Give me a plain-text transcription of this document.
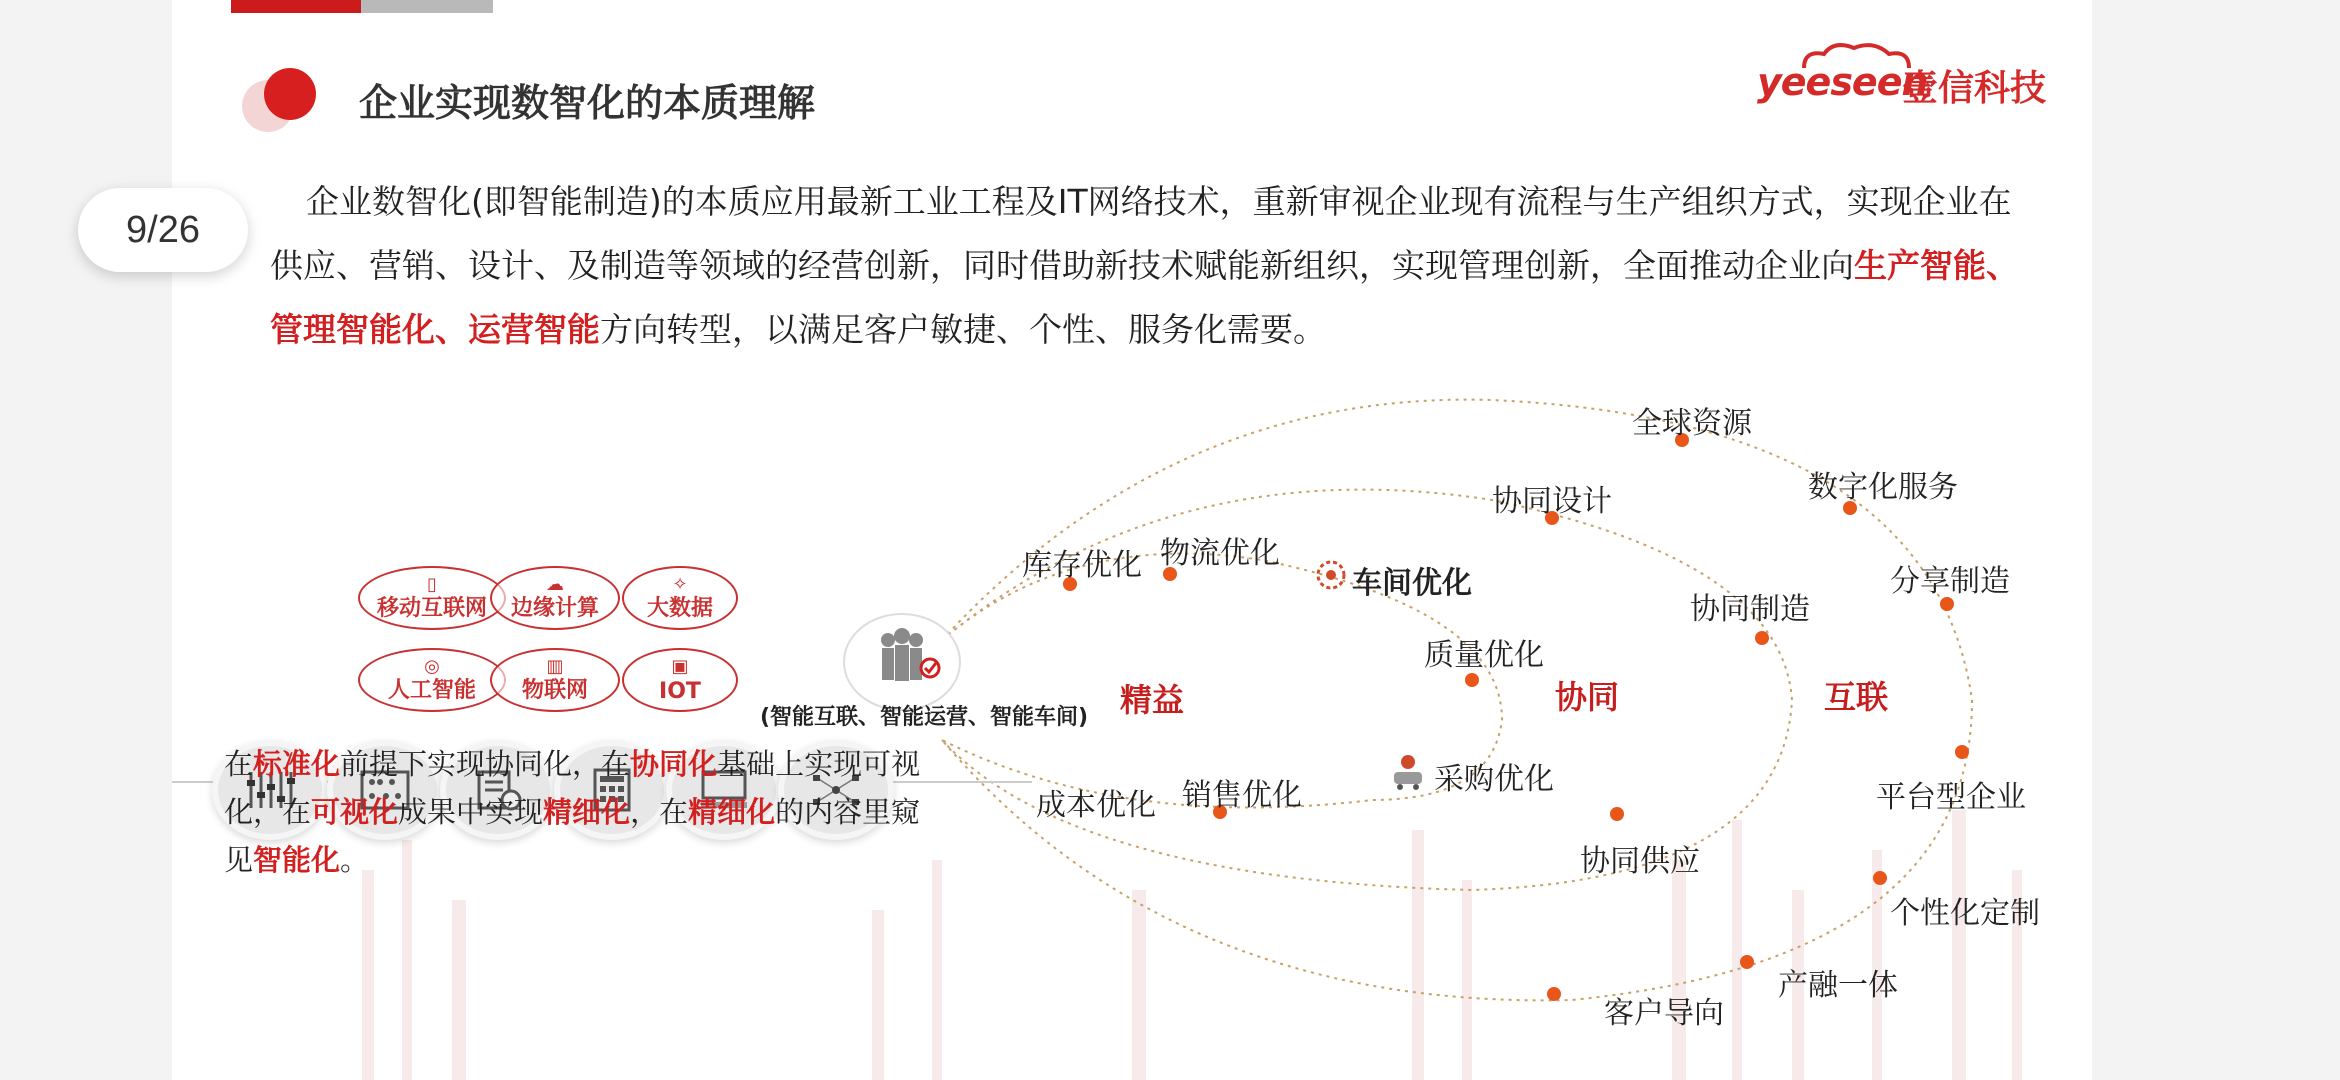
企业实现数智化的本质理解	yeeseen
壹信科技
企业数智化(即智能制造)的本质应用最新工业工程及IT网络技术，重新审视企业现有流程与生产组织方式，实现企业在供应、营销、设计、及制造等领域的经营创新，同时借助新技术赋能新组织，实现管理创新，全面推动企业向生产智能、管理智能化、运营智能方向转型，以满足客户敏捷、个性、服务化需要。
(智能互联、智能运营、智能车间)
▯
移动互联网
☁
边缘计算
✧
大数据
◎
人工智能
▥
物联网
▣
IOT	精益	协同	互联
库存优化 物流优化
车间优化
质量优化
采购优化
销售优化
成本优化
协同设计
协同制造
协同供应
全球资源
数字化服务
分享制造
平台型企业
个性化定制
产融一体
客户导向
在标准化前提下实现协同化，在协同化基础上实现可视化，在可视化成果中实现精细化，在精细化的内容里窥见智能化。
9/26
